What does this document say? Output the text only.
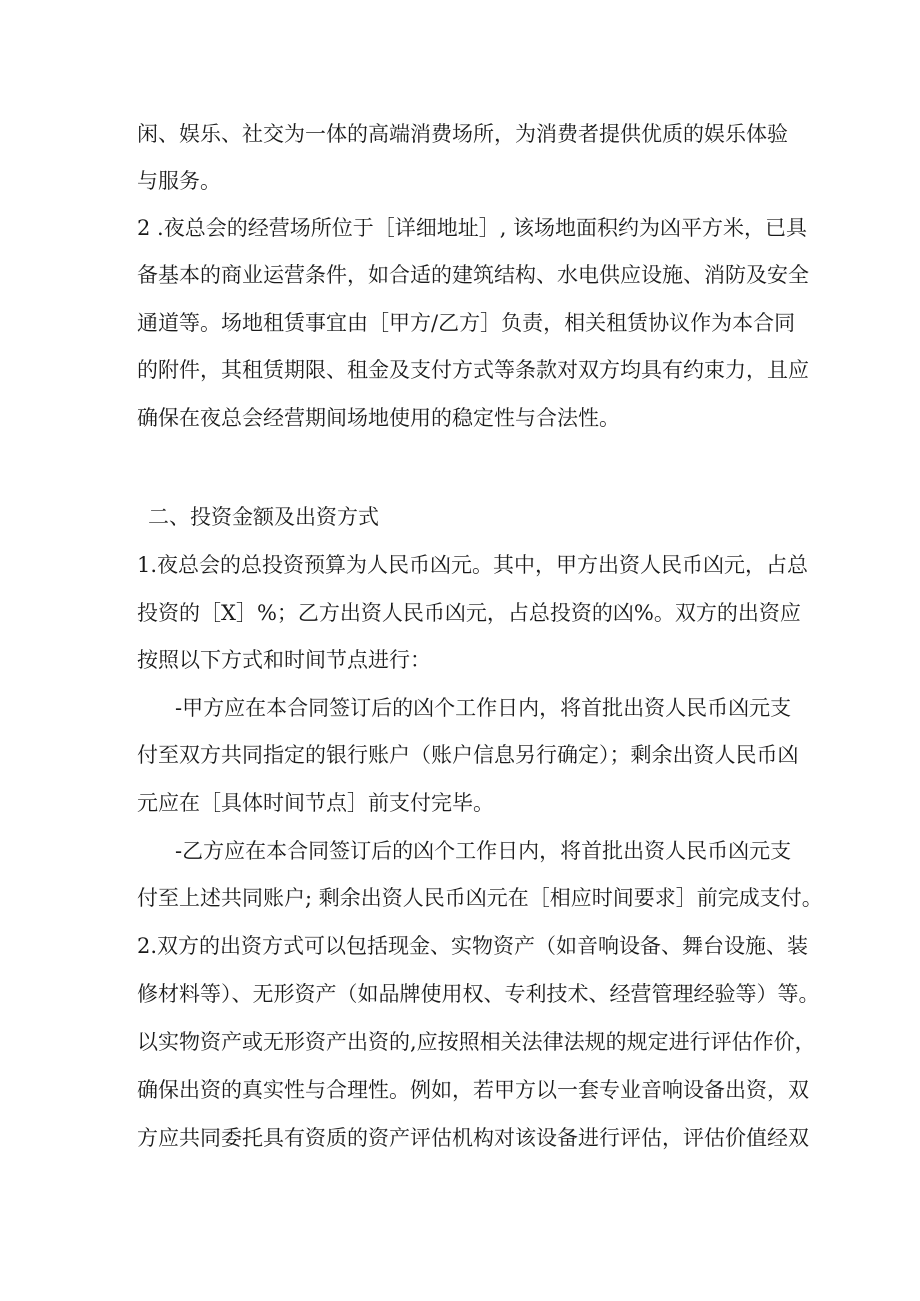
闲、娱乐、社交为一体的高端消费场所，为消费者提供优质的娱乐体验
与服务。
2 .夜总会的经营场所位于［详细地址］, 该场地面积约为凶平方米，已具
备基本的商业运营条件，如合适的建筑结构、水电供应设施、消防及安全
通道等。场地租赁事宜由［甲方/乙方］负责，相关租赁协议作为本合同
的附件，其租赁期限、租金及支付方式等条款对双方均具有约束力，且应
确保在夜总会经营期间场地使用的稳定性与合法性。
二、投资金额及出资方式
1.夜总会的总投资预算为人民币凶元。其中，甲方出资人民币凶元，占总
投资的［X］%；乙方出资人民币凶元，占总投资的凶%。双方的出资应
按照以下方式和时间节点进行：
-甲方应在本合同签订后的凶个工作日内，将首批出资人民币凶元支
付至双方共同指定的银行账户（账户信息另行确定）；剩余出资人民币凶
元应在［具体时间节点］前支付完毕。
-乙方应在本合同签订后的凶个工作日内，将首批出资人民币凶元支
付至上述共同账户; 剩余出资人民币凶元在［相应时间要求］前完成支付。
2.双方的出资方式可以包括现金、实物资产（如音响设备、舞台设施、装
修材料等）、无形资产（如品牌使用权、专利技术、经营管理经验等）等。
以实物资产或无形资产出资的,应按照相关法律法规的规定进行评估作价，
确保出资的真实性与合理性。例如，若甲方以一套专业音响设备出资，双
方应共同委托具有资质的资产评估机构对该设备进行评估，评估价值经双
